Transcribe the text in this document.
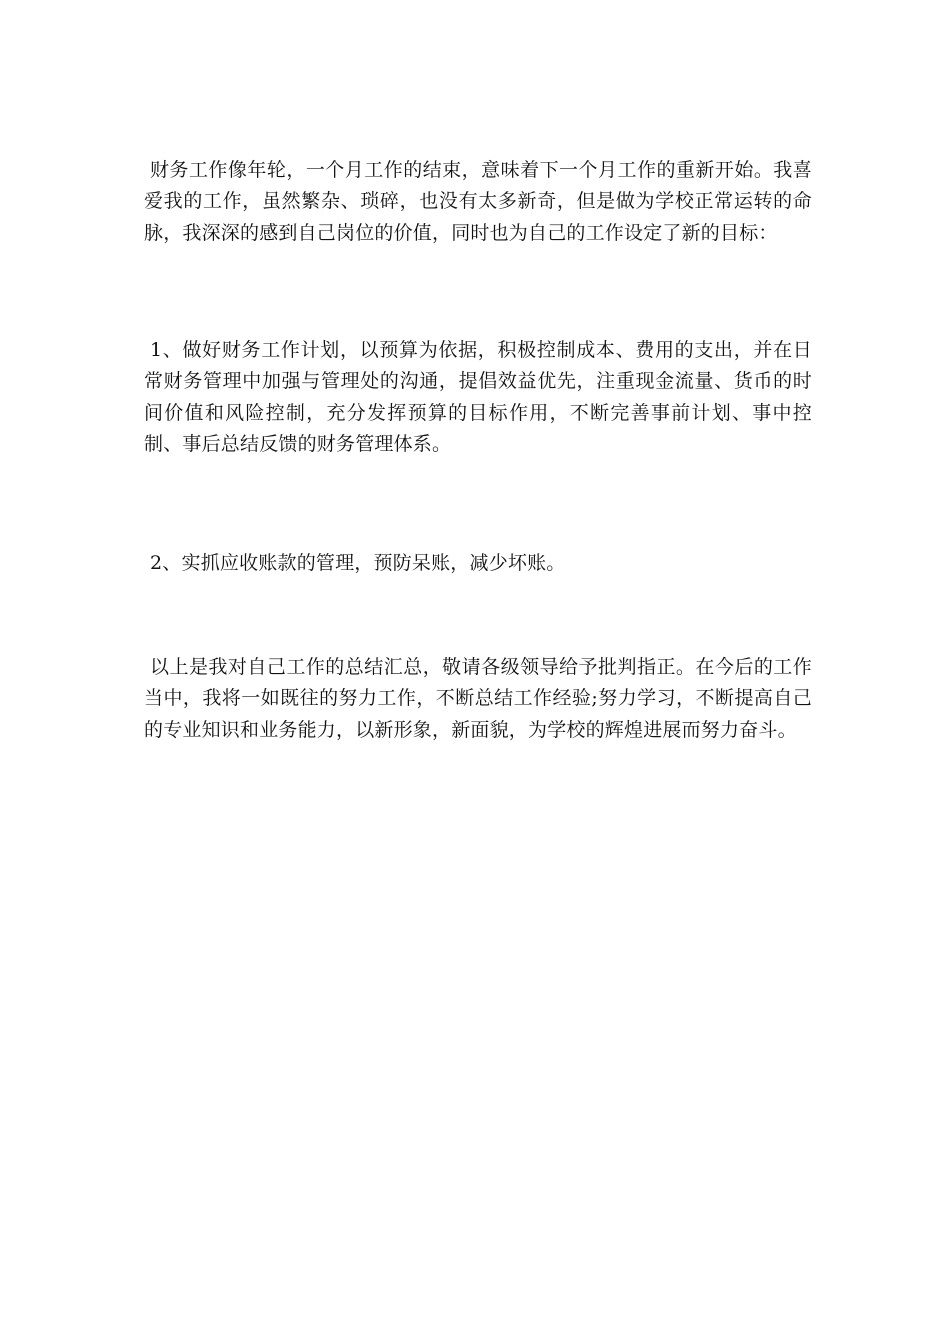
财务工作像年轮，一个月工作的结束，意味着下一个月工作的重新开始。我喜爱我的工作，虽然繁杂、琐碎，也没有太多新奇，但是做为学校正常运转的命脉，我深深的感到自己岗位的价值，同时也为自己的工作设定了新的目标：

1、做好财务工作计划，以预算为依据，积极控制成本、费用的支出，并在日常财务管理中加强与管理处的沟通，提倡效益优先，注重现金流量、货币的时间价值和风险控制，充分发挥预算的目标作用，不断完善事前计划、事中控制、事后总结反馈的财务管理体系。

2、实抓应收账款的管理，预防呆账，减少坏账。

以上是我对自己工作的总结汇总，敬请各级领导给予批判指正。在今后的工作当中，我将一如既往的努力工作，不断总结工作经验;努力学习，不断提高自己的专业知识和业务能力，以新形象，新面貌，为学校的辉煌进展而努力奋斗。
